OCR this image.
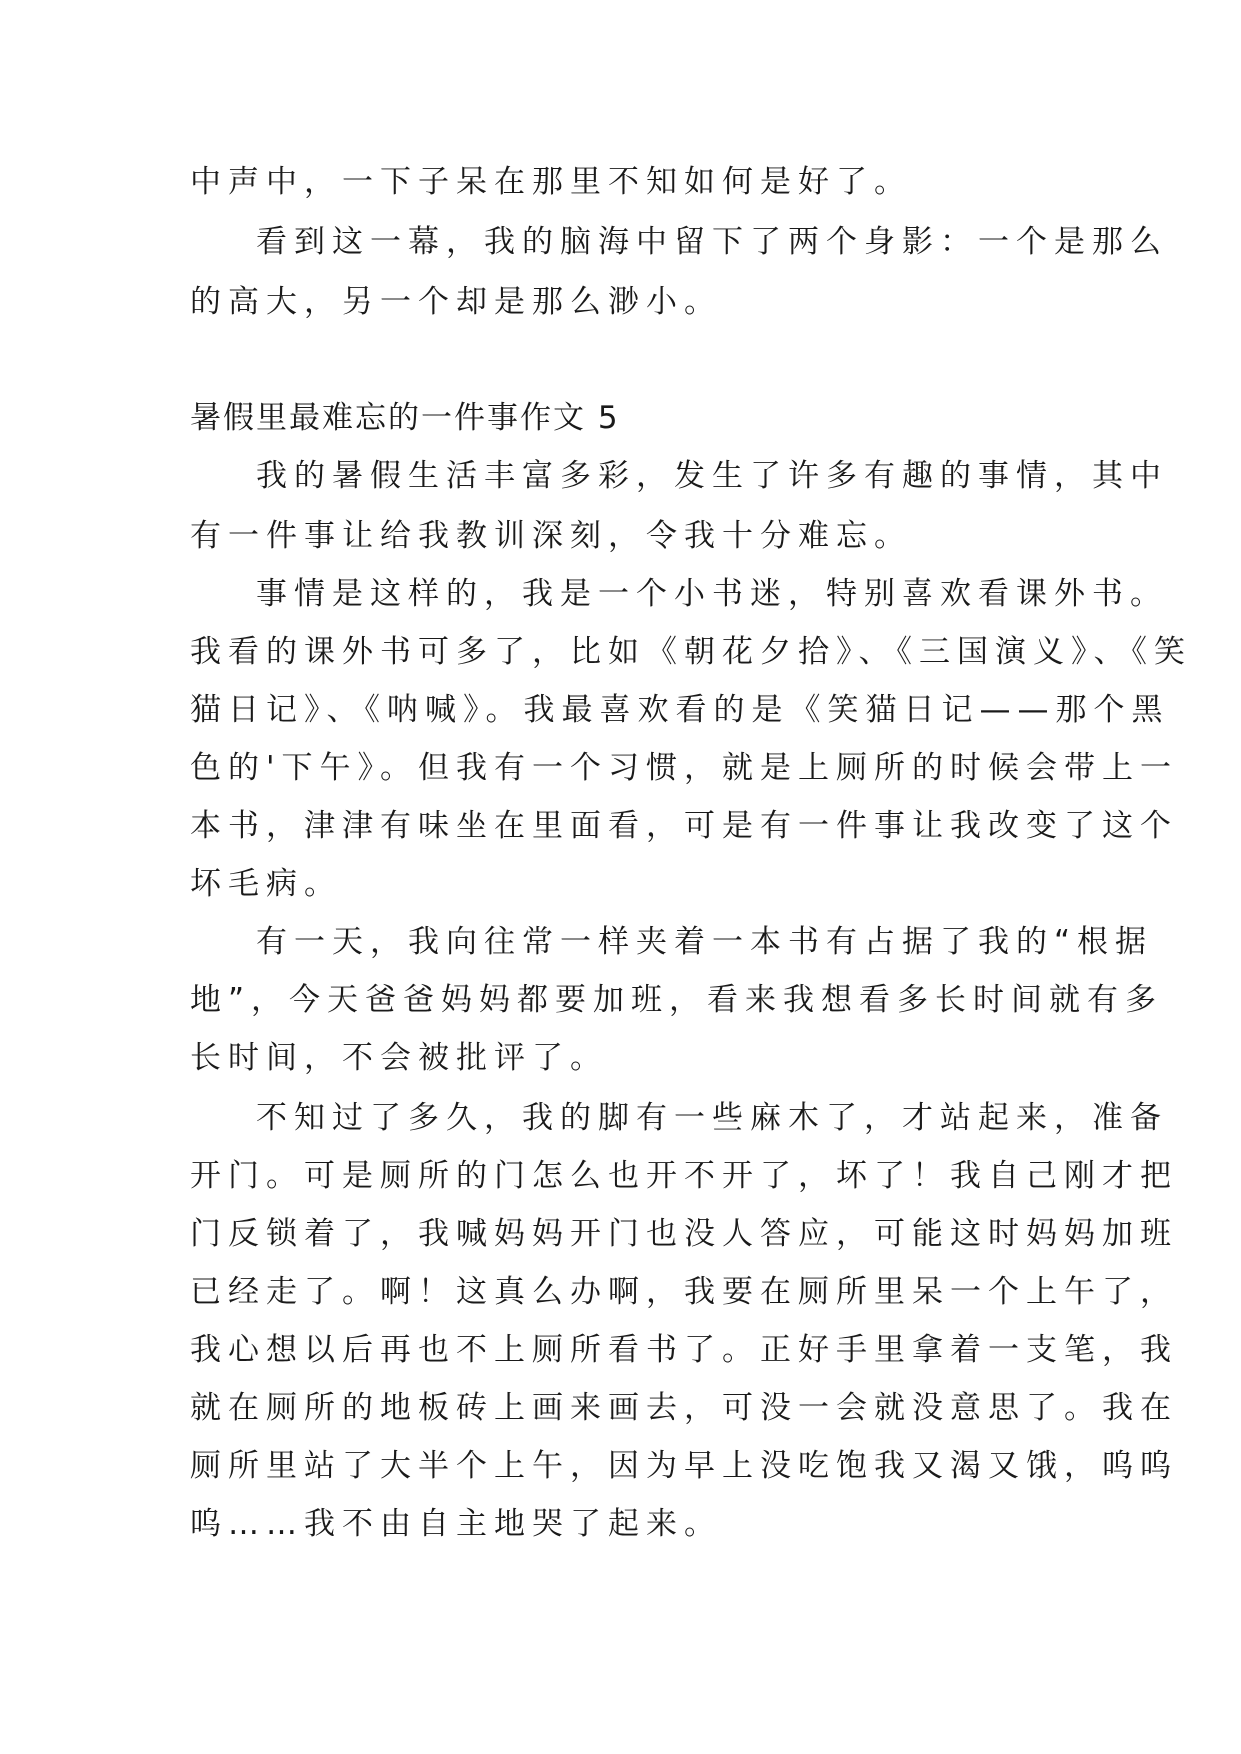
中声中，一下子呆在那里不知如何是好了。

看到这一幕，我的脑海中留下了两个身影：一个是那么

的高大，另一个却是那么渺小。

暑假里最难忘的一件事作文 5

我的暑假生活丰富多彩，发生了许多有趣的事情，其中

有一件事让给我教训深刻，令我十分难忘。

事情是这样的，我是一个小书迷，特别喜欢看课外书。

我看的课外书可多了，比如《朝花夕拾》、《三国演义》、《笑

猫日记》、《呐喊》。我最喜欢看的是《笑猫日记——那个黑

色的'下午》。但我有一个习惯，就是上厕所的时候会带上一

本书，津津有味坐在里面看，可是有一件事让我改变了这个

坏毛病。

有一天，我向往常一样夹着一本书有占据了我的“根据

地”，今天爸爸妈妈都要加班，看来我想看多长时间就有多

长时间，不会被批评了。

不知过了多久，我的脚有一些麻木了，才站起来，准备

开门。可是厕所的门怎么也开不开了，坏了！我自己刚才把

门反锁着了，我喊妈妈开门也没人答应，可能这时妈妈加班

已经走了。啊！这真么办啊，我要在厕所里呆一个上午了，

我心想以后再也不上厕所看书了。正好手里拿着一支笔，我

就在厕所的地板砖上画来画去，可没一会就没意思了。我在

厕所里站了大半个上午，因为早上没吃饱我又渴又饿，呜呜

呜……我不由自主地哭了起来。
